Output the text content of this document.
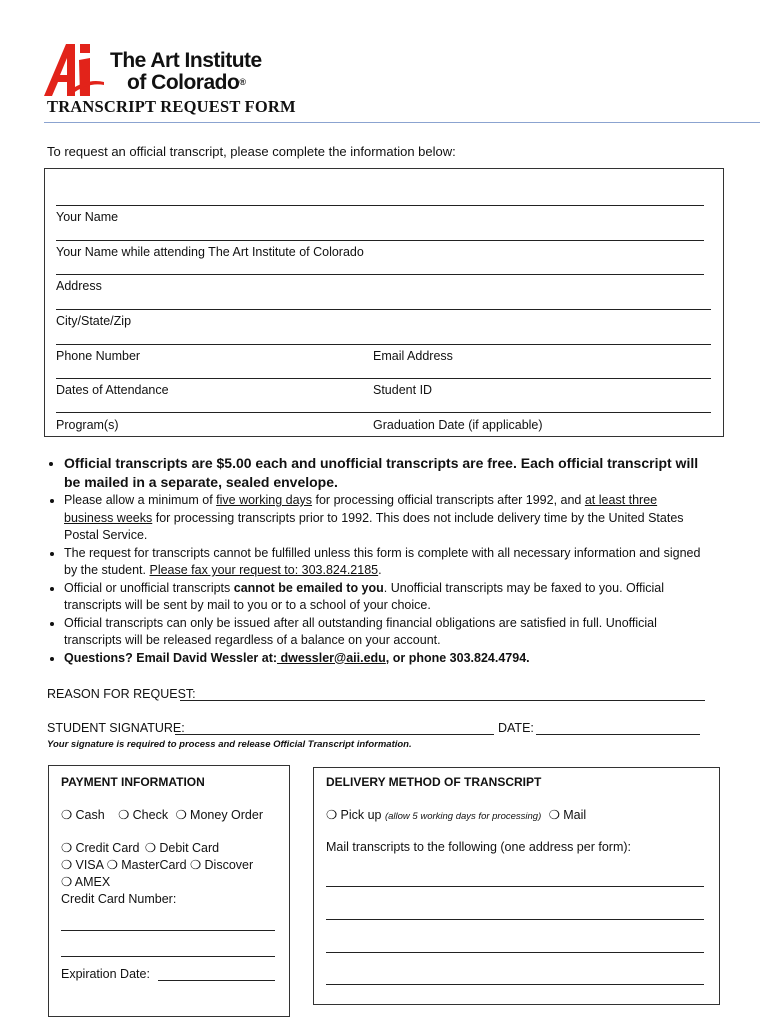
The Art Institute
of Colorado®
TRANSCRIPT REQUEST FORM
To request an official transcript, please complete the information below:
Your Name
Your Name while attending The Art Institute of Colorado
Address
City/State/Zip
Phone Number	Email Address
Dates of Attendance	Student ID
Program(s)	Graduation Date (if applicable)
• Official transcripts are $5.00 each and unofficial transcripts are free. Each official transcript will be mailed in a separate, sealed envelope.
• Please allow a minimum of five working days for processing official transcripts after 1992, and at least three business weeks for processing transcripts prior to 1992. This does not include delivery time by the United States Postal Service.
• The request for transcripts cannot be fulfilled unless this form is complete with all necessary information and signed by the student. Please fax your request to: 303.824.2185.
• Official or unofficial transcripts cannot be emailed to you. Unofficial transcripts may be faxed to you. Official transcripts will be sent by mail to you or to a school of your choice.
• Official transcripts can only be issued after all outstanding financial obligations are satisfied in full. Unofficial transcripts will be released regardless of a balance on your account.
• Questions? Email David Wessler at: dwessler@aii.edu, or phone 303.824.4794.
REASON FOR REQUEST:
STUDENT SIGNATURE:	DATE:
Your signature is required to process and release Official Transcript information.
PAYMENT INFORMATION
❍ Cash ❍ Check ❍ Money Order
❍ Credit Card ❍ Debit Card
❍ VISA ❍ MasterCard ❍ Discover
❍ AMEX
Credit Card Number:
Expiration Date:
DELIVERY METHOD OF TRANSCRIPT
❍ Pick up (allow 5 working days for processing) ❍ Mail
Mail transcripts to the following (one address per form):
